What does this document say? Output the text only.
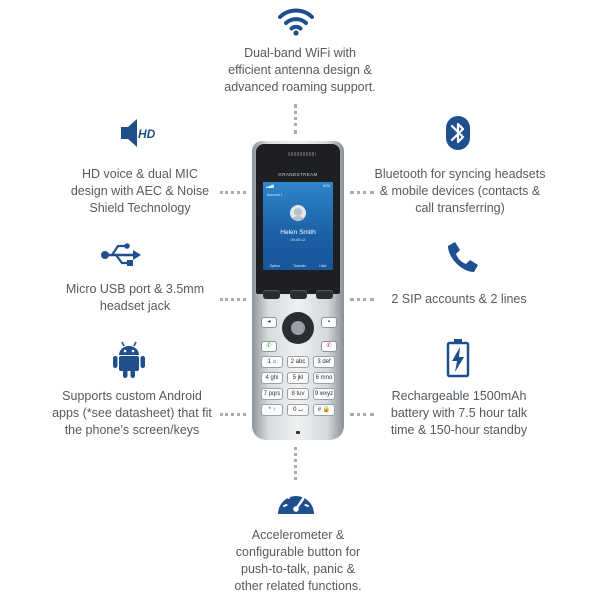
HD
Dual-band WiFi with
efficient antenna design &
advanced roaming support.
HD voice & dual MIC
design with AEC & Noise
Shield Technology
Bluetooth for syncing headsets
& mobile devices (contacts &
call transferring)
Micro USB port & 3.5mm
headset jack	2 SIP accounts & 2 lines
Supports custom Android
apps (*see datasheet) that fit
the phone’s screen/keys
Rechargeable 1500mAh
battery with 7.5 hour talk
time & 150-hour standby
Accelerometer &
configurable button for
push-to-talk, panic &
other related functions.
GRANDSTREAM
▂▄▆	62%
Account 1
Helen Smith
00:00:12
Option	Transfer	Hold
◂	▪
✆	✆
1 ⌂	2 abc	3 def
4 ghi	5 jkl	6 mno
7 pqrs	8 tuv	9 wxyz
* ↑	0 ⌴	# 🔒
